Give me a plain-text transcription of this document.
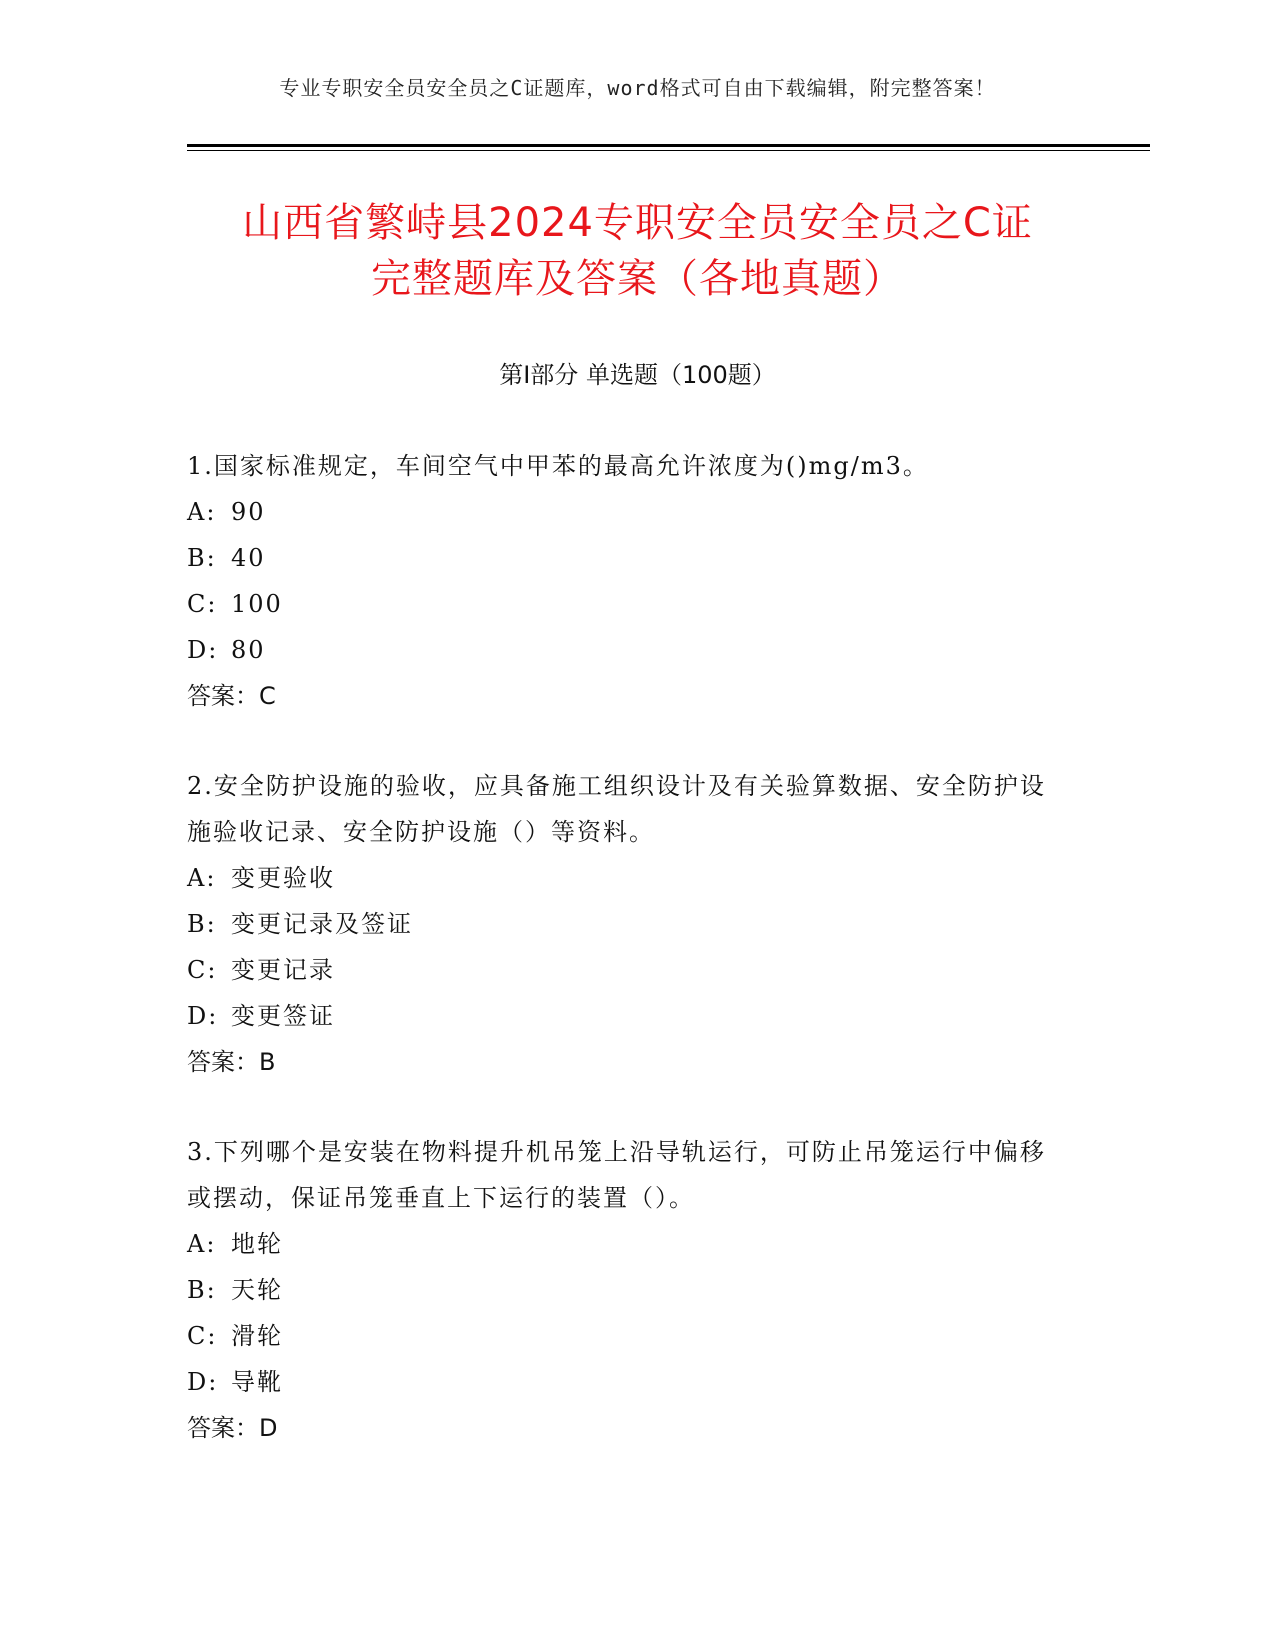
专业专职安全员安全员之C证题库，word格式可自由下载编辑，附完整答案！
山西省繁峙县2024专职安全员安全员之C证
完整题库及答案（各地真题）
第Ⅰ部分 单选题（100题）

1.国家标准规定，车间空气中甲苯的最高允许浓度为()mg/m3。

A: 90

B: 40

C: 100

D: 80

答案：C

2.安全防护设施的验收，应具备施工组织设计及有关验算数据、安全防护设施验收记录、安全防护设施（）等资料。

A: 变更验收

B: 变更记录及签证

C: 变更记录

D: 变更签证

答案：B

3.下列哪个是安装在物料提升机吊笼上沿导轨运行，可防止吊笼运行中偏移或摆动，保证吊笼垂直上下运行的装置（）。

A: 地轮

B: 天轮

C: 滑轮

D: 导靴

答案：D
